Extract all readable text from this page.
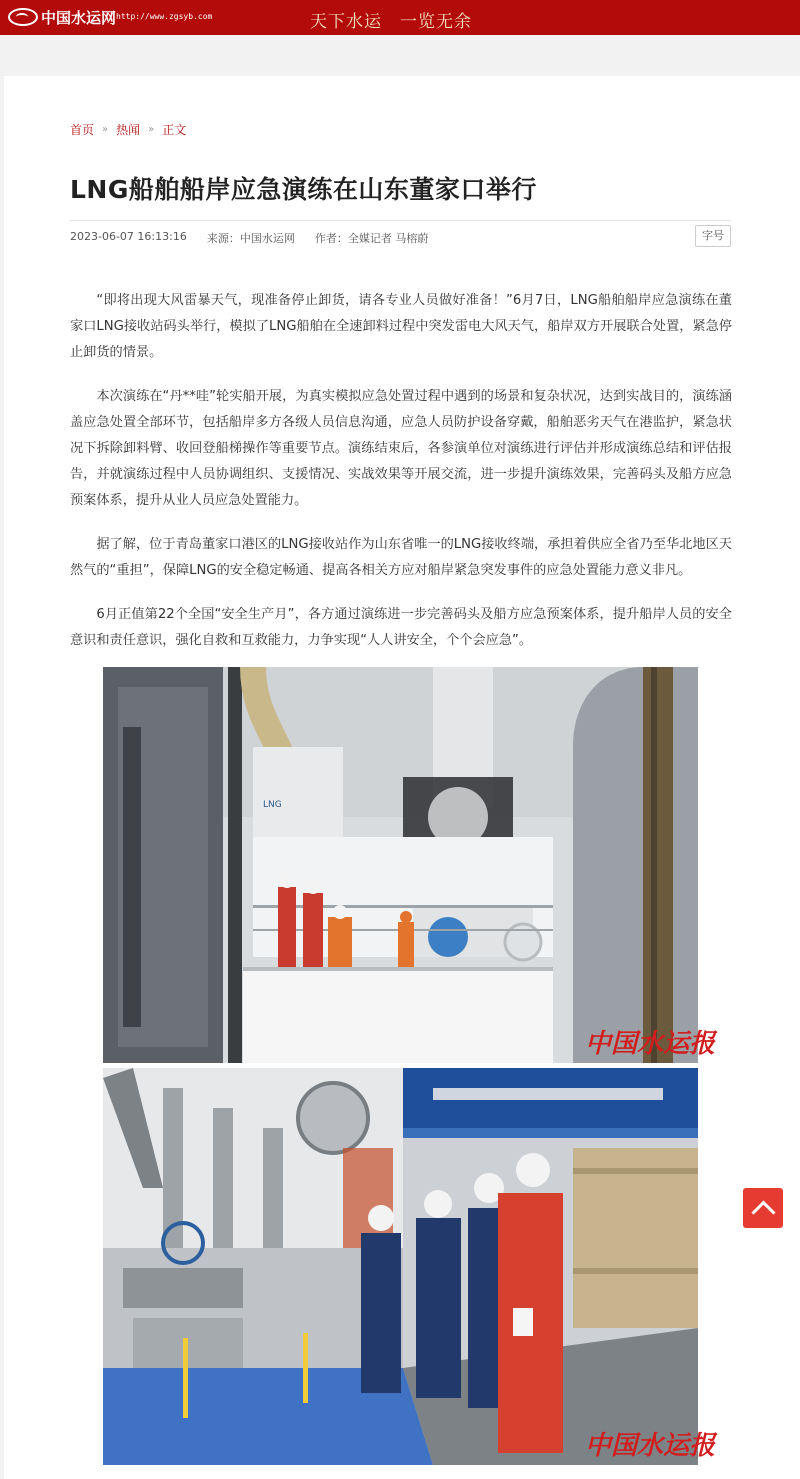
中国水运网 http://www.zgsyb.com	天下水运　一览无余
首页 » 热闻 » 正文
LNG船舶船岸应急演练在山东董家口举行
2023-06-07 16:13:16 来源：中国水运网 作者：全媒记者 马榕蔚	字号

“即将出现大风雷暴天气，现准备停止卸货，请各专业人员做好准备！”6月7日，LNG船舶船岸应急演练在董家口LNG接收站码头举行，模拟了LNG船舶在全速卸料过程中突发雷电大风天气，船岸双方开展联合处置，紧急停止卸货的情景。

本次演练在“丹**哇”轮实船开展，为真实模拟应急处置过程中遇到的场景和复杂状况，达到实战目的，演练涵盖应急处置全部环节，包括船岸多方各级人员信息沟通，应急人员防护设备穿戴，船舶恶劣天气在港监护，紧急状况下拆除卸料臂、收回登船梯操作等重要节点。演练结束后，各参演单位对演练进行评估并形成演练总结和评估报告，并就演练过程中人员协调组织、支援情况、实战效果等开展交流，进一步提升演练效果，完善码头及船方应急预案体系，提升从业人员应急处置能力。

据了解，位于青岛董家口港区的LNG接收站作为山东省唯一的LNG接收终端，承担着供应全省乃至华北地区天然气的“重担”，保障LNG的安全稳定畅通、提高各相关方应对船岸紧急突发事件的应急处置能力意义非凡。

6月正值第22个全国“安全生产月”，各方通过演练进一步完善码头及船方应急预案体系，提升船岸人员的安全意识和责任意识，强化自救和互救能力，力争实现“人人讲安全，个个会应急”。

LNG
中国水运报
中国水运报
